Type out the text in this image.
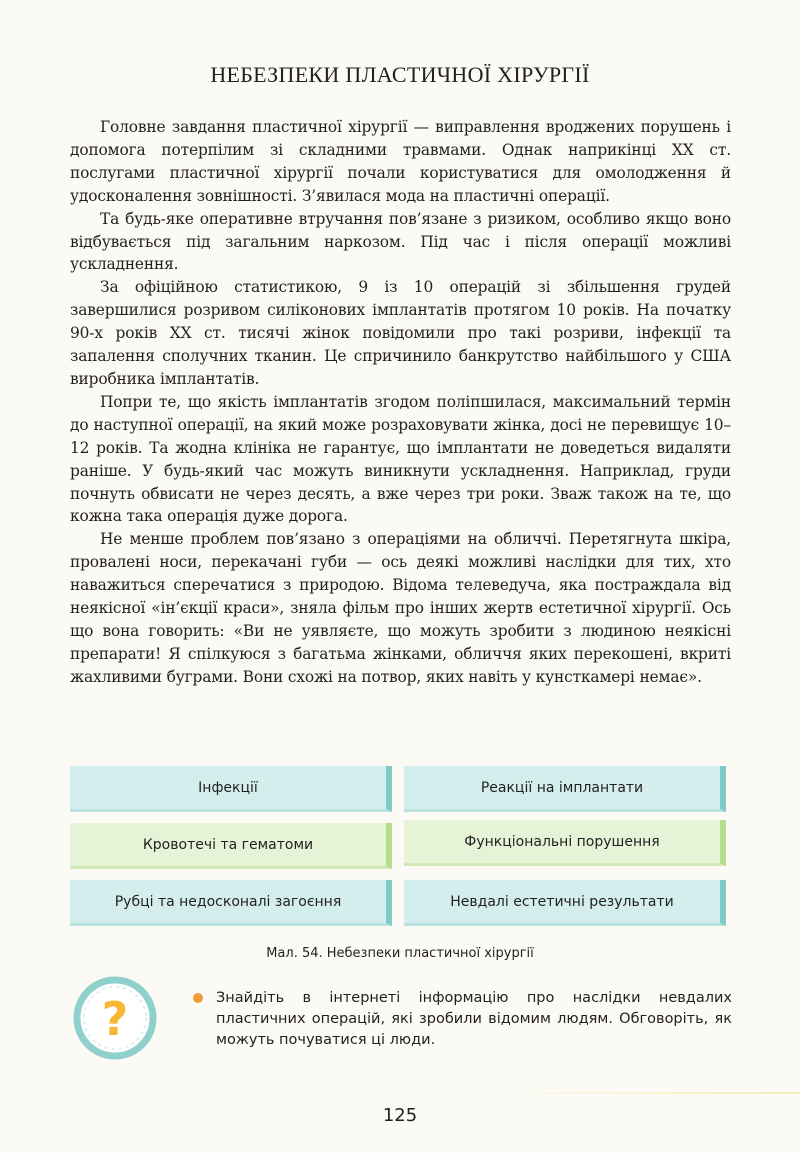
НЕБЕЗПЕКИ ПЛАСТИЧНОЇ ХІРУРГІЇ

Головне завдання пластичної хірургії — виправлення вроджених порушень і допомога потерпілим зі складними травмами. Однак наприкінці ХХ ст. послугами пластичної хірургії почали користуватися для омолодження й удосконалення зовнішності. З’явилася мода на пластичні операції.

Та будь-яке оперативне втручання пов’язане з ризиком, особливо якщо воно відбувається під загальним наркозом. Під час і після операції можливі ускладнення.

За офіційною статистикою, 9 із 10 операцій зі збільшення грудей завершилися розривом силіконових імплантатів протягом 10 років. На початку 90-х років ХХ ст. тисячі жінок повідомили про такі розриви, інфекції та запалення сполучних тканин. Це спричинило банкрутство найбільшого у США виробника імплантатів.

Попри те, що якість імплантатів згодом поліпшилася, максимальний термін до наступної операції, на який може розраховувати жінка, досі не перевищує 10–12 років. Та жодна клініка не гарантує, що імплантати не доведеться видаляти раніше. У будь-який час можуть виникнути ускладнення. Наприклад, груди почнуть обвисати не через десять, а вже через три роки. Зваж також на те, що кожна така операція дуже дорога.

Не менше проблем пов’язано з операціями на обличчі. Перетягнута шкіра, провалені носи, перекачані губи — ось деякі можливі наслідки для тих, хто наважиться сперечатися з природою. Відома телеведуча, яка постраждала від неякісної «ін’єкції краси», зняла фільм про інших жертв естетичної хірургії. Ось що вона говорить: «Ви не уявляєте, що можуть зробити з людиною неякісні препарати! Я спілкуюся з багатьма жінками, обличчя яких перекошені, вкриті жахливими буграми. Вони схожі на потвор, яких навіть у кунсткамері немає».

Інфекції	Реакції на імплантати
Кровотечі та гематоми	Функціональні порушення
Рубці та недосконалі загоєння	Невдалі естетичні результати
Мал. 54. Небезпеки пластичної хірургії
?	Знайдіть в інтернеті інформацію про наслідки невдалих пластичних операцій, які зробили відомим людям. Обговоріть, як можуть почуватися ці люди.
125
